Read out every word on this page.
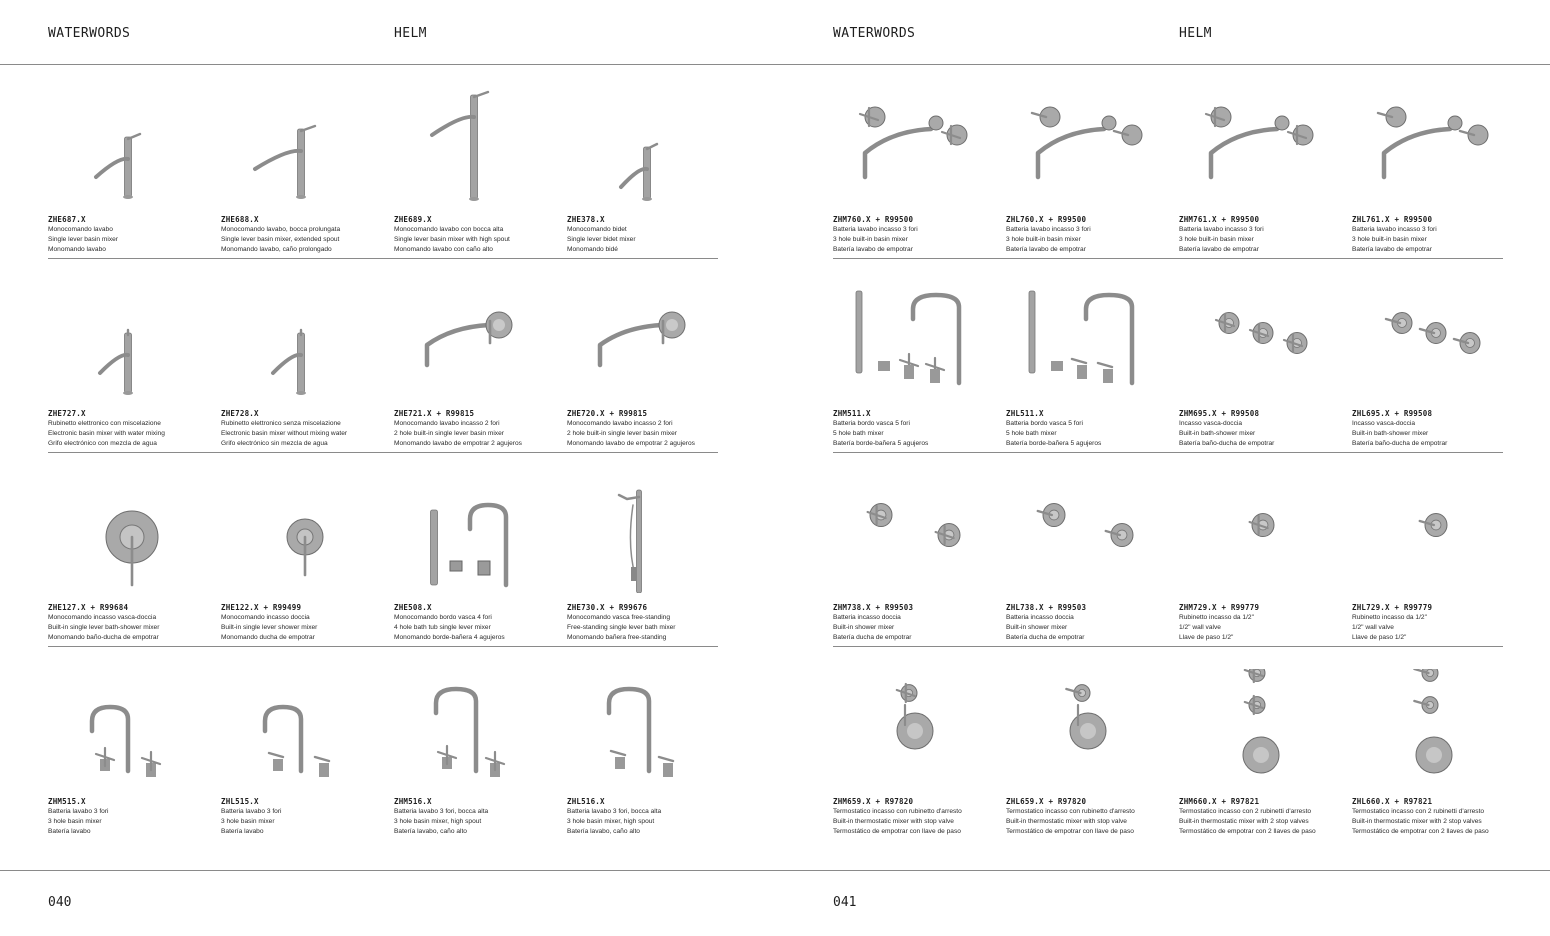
WATERWORDS	HELM	WATERWORDS	HELM
ZHE687.X
Monocomando lavabo
Single lever basin mixer
Monomando lavabo
ZHE688.X
Monocomando lavabo, bocca prolungata
Single lever basin mixer, extended spout
Monomando lavabo, caño prolongado
ZHE689.X
Monocomando lavabo con bocca alta
Single lever basin mixer with high spout
Monomando lavabo con caño alto
ZHE378.X
Monocomando bidet
Single lever bidet mixer
Monomando bidé
ZHE727.X
Rubinetto elettronico con miscelazione
Electronic basin mixer with water mixing
Grifo electrónico con mezcla de agua
ZHE728.X
Rubinetto elettronico senza miscelazione
Electronic basin mixer without mixing water
Grifo electrónico sin mezcla de agua
ZHE721.X + R99815
Monocomando lavabo incasso 2 fori
2 hole built-in single lever basin mixer
Monomando lavabo de empotrar 2 agujeros
ZHE720.X + R99815
Monocomando lavabo incasso 2 fori
2 hole built-in single lever basin mixer
Monomando lavabo de empotrar 2 agujeros
ZHE127.X + R99684
Monocomando incasso vasca-doccia
Built-in single lever bath-shower mixer
Monomando baño-ducha de empotrar
ZHE122.X + R99499
Monocomando incasso doccia
Built-in single lever shower mixer
Monomando ducha de empotrar
ZHE508.X
Monocomando bordo vasca 4 fori
4 hole bath tub single lever mixer
Monomando borde-bañera 4 agujeros
ZHE730.X + R99676
Monocomando vasca free-standing
Free-standing single lever bath mixer
Monomando bañera free-standing
ZHM515.X
Batteria lavabo 3 fori
3 hole basin mixer
Batería lavabo
ZHL515.X
Batteria lavabo 3 fori
3 hole basin mixer
Batería lavabo
ZHM516.X
Batteria lavabo 3 fori, bocca alta
3 hole basin mixer, high spout
Batería lavabo, caño alto
ZHL516.X
Batteria lavabo 3 fori, bocca alta
3 hole basin mixer, high spout
Batería lavabo, caño alto
ZHM760.X + R99500
Batteria lavabo incasso 3 fori
3 hole built-in basin mixer
Batería lavabo de empotrar
ZHL760.X + R99500
Batteria lavabo incasso 3 fori
3 hole built-in basin mixer
Batería lavabo de empotrar
ZHM761.X + R99500
Batteria lavabo incasso 3 fori
3 hole built-in basin mixer
Batería lavabo de empotrar
ZHL761.X + R99500
Batteria lavabo incasso 3 fori
3 hole built-in basin mixer
Batería lavabo de empotrar
ZHM511.X
Batteria bordo vasca 5 fori
5 hole bath mixer
Batería borde-bañera 5 agujeros
ZHL511.X
Batteria bordo vasca 5 fori
5 hole bath mixer
Batería borde-bañera 5 agujeros
ZHM695.X + R99508
Incasso vasca-doccia
Built-in bath-shower mixer
Batería baño-ducha de empotrar
ZHL695.X + R99508
Incasso vasca-doccia
Built-in bath-shower mixer
Batería baño-ducha de empotrar
ZHM738.X + R99503
Batteria incasso doccia
Built-in shower mixer
Batería ducha de empotrar
ZHL738.X + R99503
Batteria incasso doccia
Built-in shower mixer
Batería ducha de empotrar
ZHM729.X + R99779
Rubinetto incasso da 1/2"
1/2" wall valve
Llave de paso 1/2"
ZHL729.X + R99779
Rubinetto incasso da 1/2"
1/2" wall valve
Llave de paso 1/2"
ZHM659.X + R97820
Termostatico incasso con rubinetto d'arresto
Built-in thermostatic mixer with stop valve
Termostático de empotrar con llave de paso
ZHL659.X + R97820
Termostatico incasso con rubinetto d'arresto
Built-in thermostatic mixer with stop valve
Termostático de empotrar con llave de paso
ZHM660.X + R97821
Termostatico incasso con 2 rubinetti d'arresto
Built-in thermostatic mixer with 2 stop valves
Termostático de empotrar con 2 llaves de paso
ZHL660.X + R97821
Termostatico incasso con 2 rubinetti d'arresto
Built-in thermostatic mixer with 2 stop valves
Termostático de empotrar con 2 llaves de paso
040	041
